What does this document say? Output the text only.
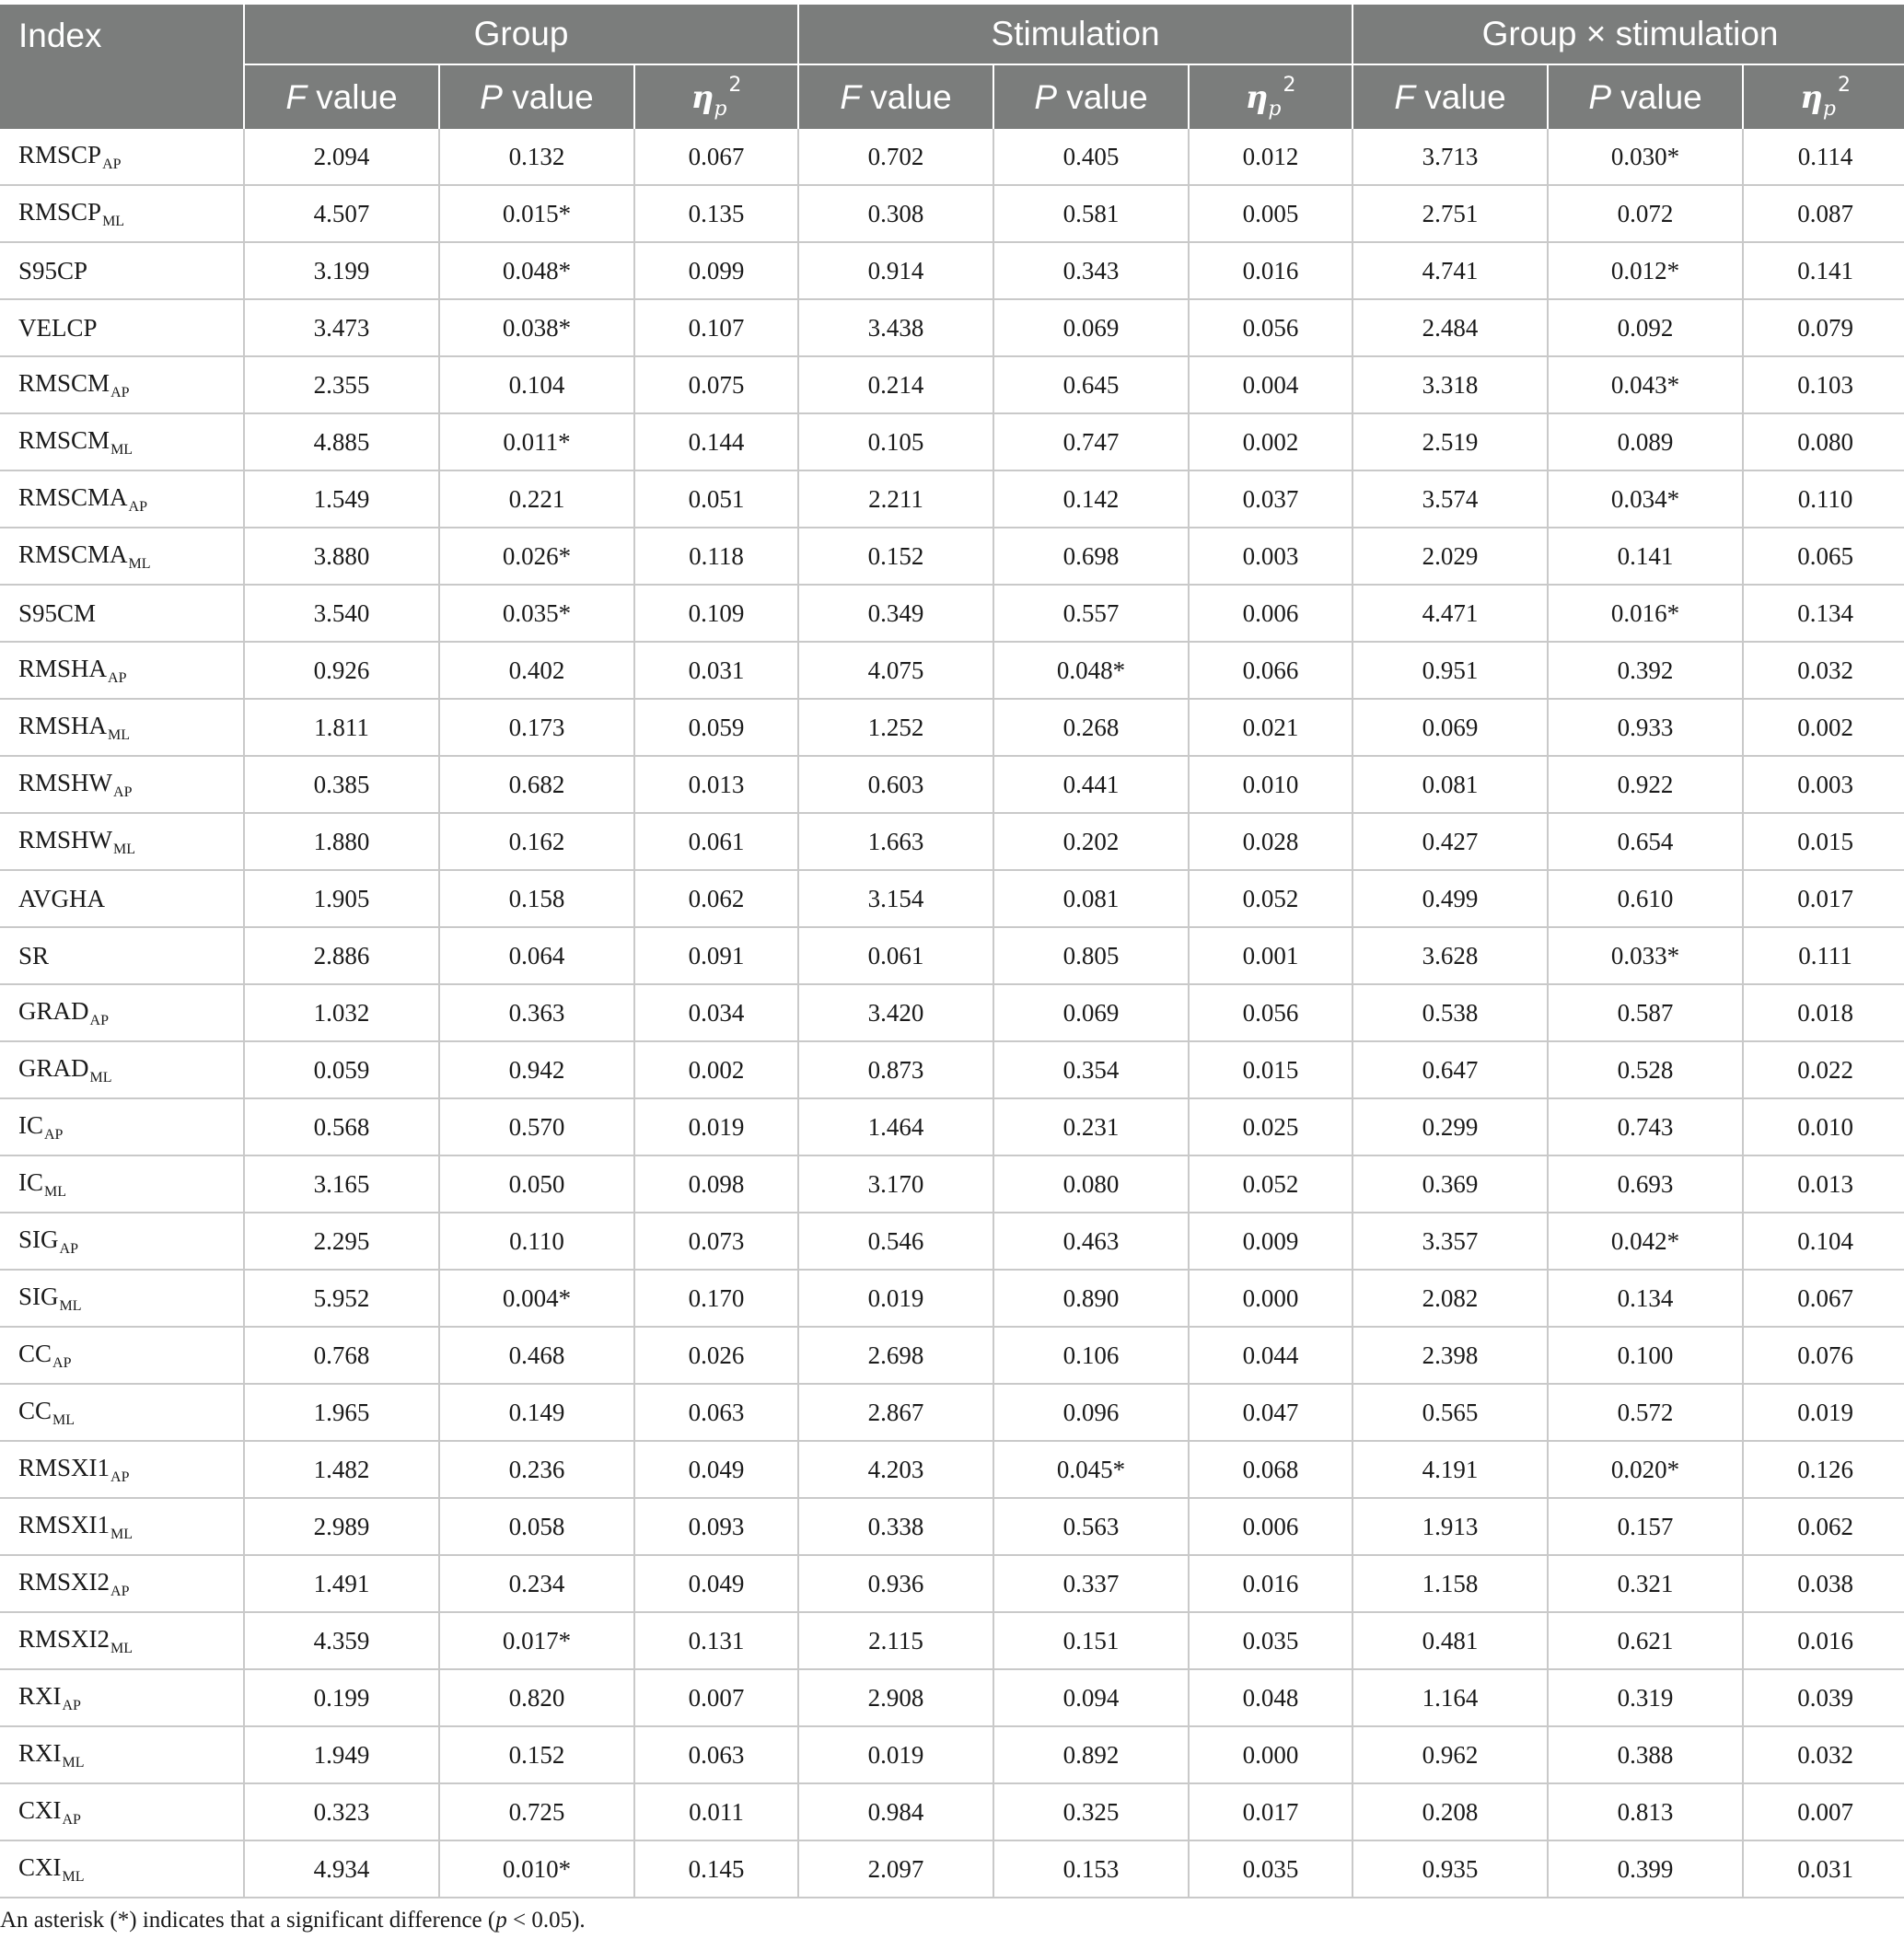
Index	Group			Stimulation			Group × stimulation		
	F value	P value	$\eta_p^2$	F value	P value	$\eta_p^2$	F value	P value	$\eta_p^2$
$RMSCP_{AP}$	2.094	0.132	0.067	0.702	0.405	0.012	3.713	0.030*	0.114
$RMSCP_{ML}$	4.507	0.015*	0.135	0.308	0.581	0.005	2.751	0.072	0.087
S95CP	3.199	0.048*	0.099	0.914	0.343	0.016	4.741	0.012*	0.141
VELCP	3.473	0.038*	0.107	3.438	0.069	0.056	2.484	0.092	0.079
$RMSCM_{AP}$	2.355	0.104	0.075	0.214	0.645	0.004	3.318	0.043*	0.103
$RMSCM_{ML}$	4.885	0.011*	0.144	0.105	0.747	0.002	2.519	0.089	0.080
$RMSCMA_{AP}$	1.549	0.221	0.051	2.211	0.142	0.037	3.574	0.034*	0.110
$RMSCMA_{ML}$	3.880	0.026*	0.118	0.152	0.698	0.003	2.029	0.141	0.065
S95CM	3.540	0.035*	0.109	0.349	0.557	0.006	4.471	0.016*	0.134
$RMSHA_{AP}$	0.926	0.402	0.031	4.075	0.048*	0.066	0.951	0.392	0.032
$RMSHA_{ML}$	1.811	0.173	0.059	1.252	0.268	0.021	0.069	0.933	0.002
$RMSHW_{AP}$	0.385	0.682	0.013	0.603	0.441	0.010	0.081	0.922	0.003
$RMSHW_{ML}$	1.880	0.162	0.061	1.663	0.202	0.028	0.427	0.654	0.015
AVGHA	1.905	0.158	0.062	3.154	0.081	0.052	0.499	0.610	0.017
SR	2.886	0.064	0.091	0.061	0.805	0.001	3.628	0.033*	0.111
$GRAD_{AP}$	1.032	0.363	0.034	3.420	0.069	0.056	0.538	0.587	0.018
$GRAD_{ML}$	0.059	0.942	0.002	0.873	0.354	0.015	0.647	0.528	0.022
$IC_{AP}$	0.568	0.570	0.019	1.464	0.231	0.025	0.299	0.743	0.010
$IC_{ML}$	3.165	0.050	0.098	3.170	0.080	0.052	0.369	0.693	0.013
$SIG_{AP}$	2.295	0.110	0.073	0.546	0.463	0.009	3.357	0.042*	0.104
$SIG_{ML}$	5.952	0.004*	0.170	0.019	0.890	0.000	2.082	0.134	0.067
$CC_{AP}$	0.768	0.468	0.026	2.698	0.106	0.044	2.398	0.100	0.076
$CC_{ML}$	1.965	0.149	0.063	2.867	0.096	0.047	0.565	0.572	0.019
$RMSXI1_{AP}$	1.482	0.236	0.049	4.203	0.045*	0.068	4.191	0.020*	0.126
$RMSXI1_{ML}$	2.989	0.058	0.093	0.338	0.563	0.006	1.913	0.157	0.062
$RMSXI2_{AP}$	1.491	0.234	0.049	0.936	0.337	0.016	1.158	0.321	0.038
$RMSXI2_{ML}$	4.359	0.017*	0.131	2.115	0.151	0.035	0.481	0.621	0.016
$RXI_{AP}$	0.199	0.820	0.007	2.908	0.094	0.048	1.164	0.319	0.039
$RXI_{ML}$	1.949	0.152	0.063	0.019	0.892	0.000	0.962	0.388	0.032
$CXI_{AP}$	0.323	0.725	0.011	0.984	0.325	0.017	0.208	0.813	0.007
$CXI_{ML}$	4.934	0.010*	0.145	2.097	0.153	0.035	0.935	0.399	0.031
An asterisk (*) indicates that a significant difference (p < 0.05).
